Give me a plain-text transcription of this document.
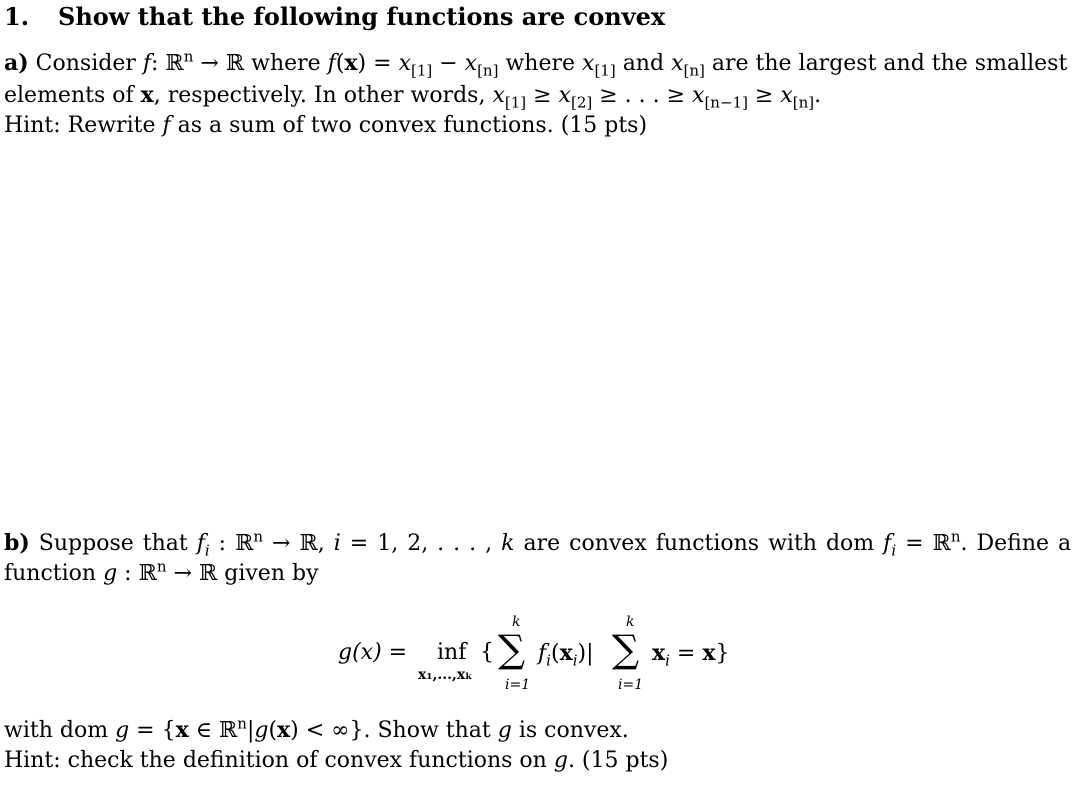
1. Show that the following functions are convex
a) Consider f: ℝ$^n$ → ℝ where $f(x) = x_{[1]} - x_{[n]}$ where $x_{[1]}$ and $x_{[n]}$ are the largest and the smallest
elements of x, respectively. In other words, $x_{[1]} \ge x_{[2]}$ ≥ . . . ≥ $x_{[n-1]} \ge x_{[n]}$.
Hint: Rewrite f as a sum of two convex functions. (15 pts)
b) Suppose that $f_i$ : ℝ$^n$ → ℝ, i = 1, 2, . . . , k are convex functions with dom $f_i$ = ℝ$^n$. Define a
function g : ℝ$^n$ → ℝ given by
g(x) = inf
x₁,...,xₖ
{
k
∑
i=1
$f_i(x_i)|$
k
∑
i=1
$x_i = x$}
with dom g = {x ∈ ℝ$^n$|g(x) < ∞}. Show that g is convex.
Hint: check the definition of convex functions on g. (15 pts)
